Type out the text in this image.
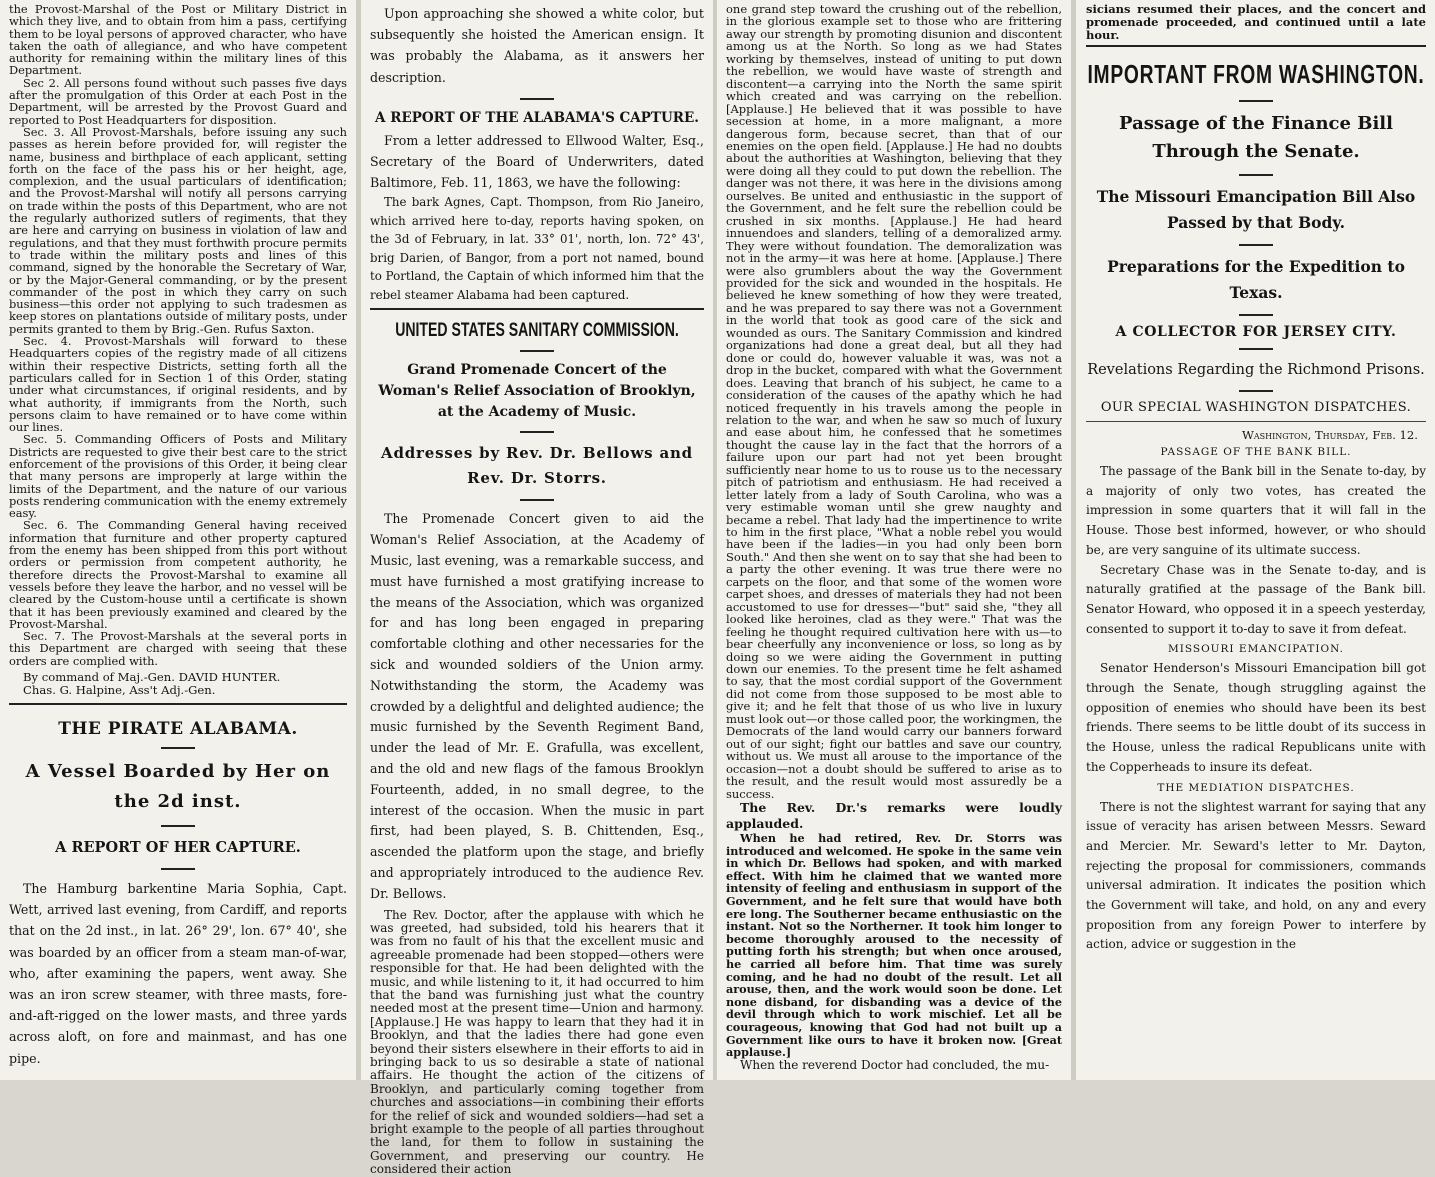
the Provost-Marshal of the Post or Military District in which they live, and to obtain from him a pass, certifying them to be loyal persons of approved character, who have taken the oath of allegiance, and who have competent authority for remaining within the military lines of this Department.

Sec 2. All persons found without such passes five days after the promulgation of this Order at each Post in the Department, will be arrested by the Provost Guard and reported to Post Headquarters for disposition.

Sec. 3. All Provost-Marshals, before issuing any such passes as herein before provided for, will register the name, business and birthplace of each applicant, setting forth on the face of the pass his or her height, age, complexion, and the usual particulars of identification; and the Provost-Marshal will notify all persons carrying on trade within the posts of this Department, who are not the regularly authorized sutlers of regiments, that they are here and carrying on business in violation of law and regulations, and that they must forthwith procure permits to trade within the military posts and lines of this command, signed by the honorable the Secretary of War, or by the Major-General commanding, or by the present commander of the post in which they carry on such business—this order not applying to such tradesmen as keep stores on plantations outside of military posts, under permits granted to them by Brig.-Gen. Rufus Saxton.

Sec. 4. Provost-Marshals will forward to these Headquarters copies of the registry made of all citizens within their respective Districts, setting forth all the particulars called for in Section 1 of this Order, stating under what circumstances, if original residents, and by what authority, if immigrants from the North, such persons claim to have remained or to have come within our lines.

Sec. 5. Commanding Officers of Posts and Military Districts are requested to give their best care to the strict enforcement of the provisions of this Order, it being clear that many persons are improperly at large within the limits of the Department, and the nature of our various posts rendering communication with the enemy extremely easy.

Sec. 6. The Commanding General having received information that furniture and other property captured from the enemy has been shipped from this port without orders or permission from competent authority, he therefore directs the Provost-Marshal to examine all vessels before they leave the harbor, and no vessel will be cleared by the Custom-house until a certificate is shown that it has been previously examined and cleared by the Provost-Marshal.

Sec. 7. The Provost-Marshals at the several ports in this Department are charged with seeing that these orders are complied with.

By command of Maj.-Gen. DAVID HUNTER.
Chas. G. Halpine, Ass't Adj.-Gen.
THE PIRATE ALABAMA.
A Vessel Boarded by Her on the 2d inst.
A REPORT OF HER CAPTURE.

The Hamburg barkentine Maria Sophia, Capt. Wett, arrived last evening, from Cardiff, and reports that on the 2d inst., in lat. 26° 29', lon. 67° 40', she was boarded by an officer from a steam man-of-war, who, after examining the papers, went away. She was an iron screw steamer, with three masts, fore-and-aft-rigged on the lower masts, and three yards across aloft, on fore and mainmast, and has one pipe.

Upon approaching she showed a white color, but subsequently she hoisted the American ensign. It was probably the Alabama, as it answers her description.

A REPORT OF THE ALABAMA'S CAPTURE.

From a letter addressed to Ellwood Walter, Esq., Secretary of the Board of Underwriters, dated Baltimore, Feb. 11, 1863, we have the following:

The bark Agnes, Capt. Thompson, from Rio Janeiro, which arrived here to-day, reports having spoken, on the 3d of February, in lat. 33° 01', north, lon. 72° 43', brig Darien, of Bangor, from a port not named, bound to Portland, the Captain of which informed him that the rebel steamer Alabama had been captured.

UNITED STATES SANITARY COMMISSION.
Grand Promenade Concert of the Woman's Relief Association of Brooklyn, at the Academy of Music.
Addresses by Rev. Dr. Bellows and Rev. Dr. Storrs.

The Promenade Concert given to aid the Woman's Relief Association, at the Academy of Music, last evening, was a remarkable success, and must have furnished a most gratifying increase to the means of the Association, which was organized for and has long been engaged in preparing comfortable clothing and other necessaries for the sick and wounded soldiers of the Union army. Notwithstanding the storm, the Academy was crowded by a delightful and delighted audience; the music furnished by the Seventh Regiment Band, under the lead of Mr. E. Grafulla, was excellent, and the old and new flags of the famous Brooklyn Fourteenth, added, in no small degree, to the interest of the occasion. When the music in part first, had been played, S. B. Chittenden, Esq., ascended the platform upon the stage, and briefly and appropriately introduced to the audience Rev. Dr. Bellows.

The Rev. Doctor, after the applause with which he was greeted, had subsided, told his hearers that it was from no fault of his that the excellent music and agreeable promenade had been stopped—others were responsible for that. He had been delighted with the music, and while listening to it, it had occurred to him that the band was furnishing just what the country needed most at the present time—Union and harmony. [Applause.] He was happy to learn that they had it in Brooklyn, and that the ladies there had gone even beyond their sisters elsewhere in their efforts to aid in bringing back to us so desirable a state of national affairs. He thought the action of the citizens of Brooklyn, and particularly coming together from churches and associations—in combining their efforts for the relief of sick and wounded soldiers—had set a bright example to the people of all parties throughout the land, for them to follow in sustaining the Government, and preserving our country. He considered their action

one grand step toward the crushing out of the rebellion, in the glorious example set to those who are frittering away our strength by promoting disunion and discontent among us at the North. So long as we had States working by themselves, instead of uniting to put down the rebellion, we would have waste of strength and discontent—a carrying into the North the same spirit which created and was carrying on the rebellion. [Applause.] He believed that it was possible to have secession at home, in a more malignant, a more dangerous form, because secret, than that of our enemies on the open field. [Applause.] He had no doubts about the authorities at Washington, believing that they were doing all they could to put down the rebellion. The danger was not there, it was here in the divisions among ourselves. Be united and enthusiastic in the support of the Government, and he felt sure the rebellion could be crushed in six months. [Applause.] He had heard innuendoes and slanders, telling of a demoralized army. They were without foundation. The demoralization was not in the army—it was here at home. [Applause.] There were also grumblers about the way the Government provided for the sick and wounded in the hospitals. He believed he knew something of how they were treated, and he was prepared to say there was not a Government in the world that took as good care of the sick and wounded as ours. The Sanitary Commission and kindred organizations had done a great deal, but all they had done or could do, however valuable it was, was not a drop in the bucket, compared with what the Government does. Leaving that branch of his subject, he came to a consideration of the causes of the apathy which he had noticed frequently in his travels among the people in relation to the war, and when he saw so much of luxury and ease about him, he confessed that he sometimes thought the cause lay in the fact that the horrors of a failure upon our part had not yet been brought sufficiently near home to us to rouse us to the necessary pitch of patriotism and enthusiasm. He had received a letter lately from a lady of South Carolina, who was a very estimable woman until she grew naughty and became a rebel. That lady had the impertinence to write to him in the first place, "What a noble rebel you would have been if the ladies—in you had only been born South." And then she went on to say that she had been to a party the other evening. It was true there were no carpets on the floor, and that some of the women wore carpet shoes, and dresses of materials they had not been accustomed to use for dresses—"but" said she, "they all looked like heroines, clad as they were." That was the feeling he thought required cultivation here with us—to bear cheerfully any inconvenience or loss, so long as by doing so we were aiding the Government in putting down our enemies. To the present time he felt ashamed to say, that the most cordial support of the Government did not come from those supposed to be most able to give it; and he felt that those of us who live in luxury must look out—or those called poor, the workingmen, the Democrats of the land would carry our banners forward out of our sight; fight our battles and save our country, without us. We must all arouse to the importance of the occasion—not a doubt should be suffered to arise as to the result, and the result would most assuredly be a success.

The Rev. Dr.'s remarks were loudly applauded.

When he had retired, Rev. Dr. Storrs was introduced and welcomed. He spoke in the same vein in which Dr. Bellows had spoken, and with marked effect. With him he claimed that we wanted more intensity of feeling and enthusiasm in support of the Government, and he felt sure that would have both ere long. The Southerner became enthusiastic on the instant. Not so the Northerner. It took him longer to become thoroughly aroused to the necessity of putting forth his strength; but when once aroused, he carried all before him. That time was surely coming, and he had no doubt of the result. Let all arouse, then, and the work would soon be done. Let none disband, for disbanding was a device of the devil through which to work mischief. Let all be courageous, knowing that God had not built up a Government like ours to have it broken now. [Great applause.]

When the reverend Doctor had concluded, the mu-

sicians resumed their places, and the concert and promenade proceeded, and continued until a late hour.

IMPORTANT FROM WASHINGTON.
Passage of the Finance Bill Through the Senate.
The Missouri Emancipation Bill Also Passed by that Body.
Preparations for the Expedition to Texas.
A COLLECTOR FOR JERSEY CITY.
Revelations Regarding the Richmond Prisons.
OUR SPECIAL WASHINGTON DISPATCHES.
Washington, Thursday, Feb. 12.
PASSAGE OF THE BANK BILL.

The passage of the Bank bill in the Senate to-day, by a majority of only two votes, has created the impression in some quarters that it will fall in the House. Those best informed, however, or who should be, are very sanguine of its ultimate success.

Secretary Chase was in the Senate to-day, and is naturally gratified at the passage of the Bank bill. Senator Howard, who opposed it in a speech yesterday, consented to support it to-day to save it from defeat.

MISSOURI EMANCIPATION.

Senator Henderson's Missouri Emancipation bill got through the Senate, though struggling against the opposition of enemies who should have been its best friends. There seems to be little doubt of its success in the House, unless the radical Republicans unite with the Copperheads to insure its defeat.

THE MEDIATION DISPATCHES.

There is not the slightest warrant for saying that any issue of veracity has arisen between Messrs. Seward and Mercier. Mr. Seward's letter to Mr. Dayton, rejecting the proposal for commissioners, commands universal admiration. It indicates the position which the Government will take, and hold, on any and every proposition from any foreign Power to interfere by action, advice or suggestion in the
